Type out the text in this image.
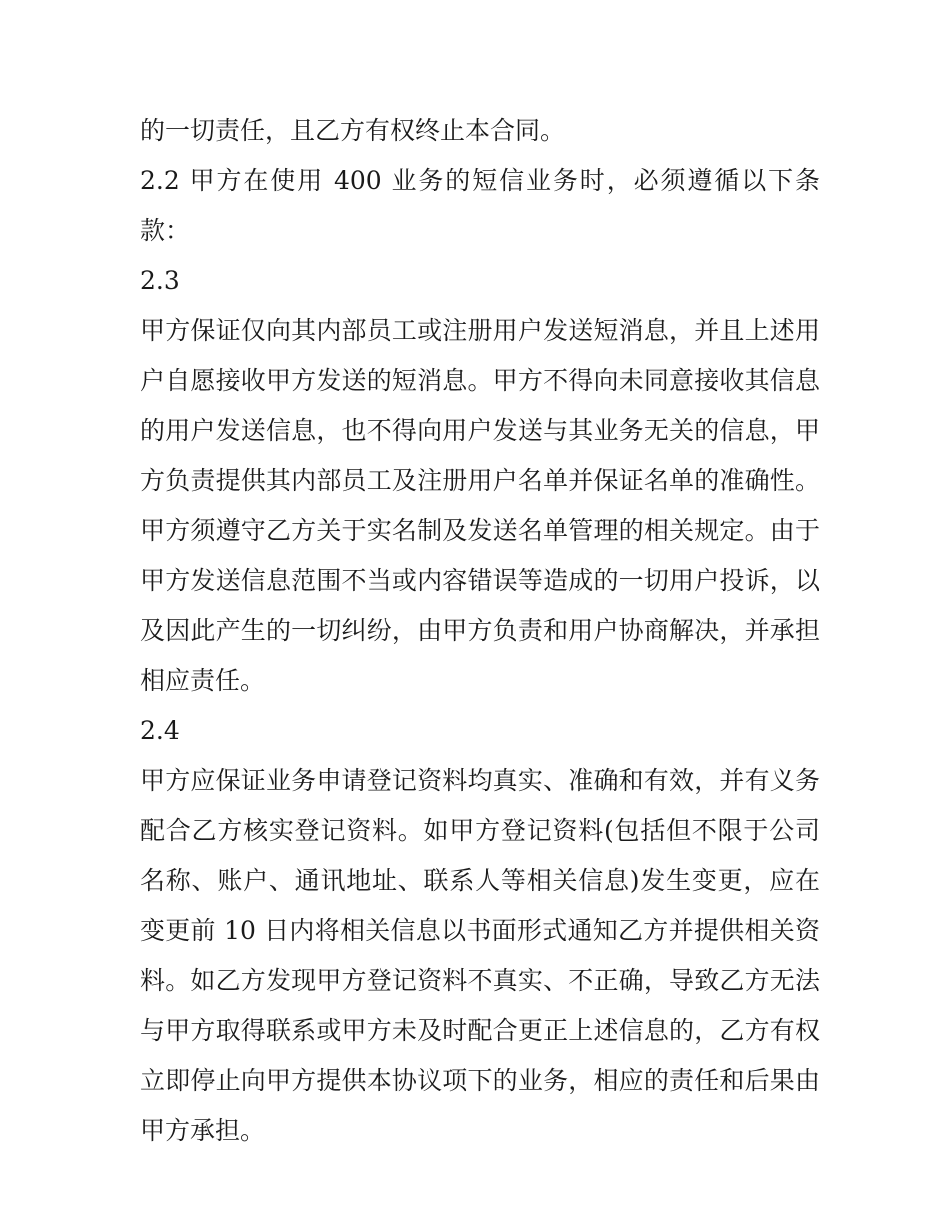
的一切责任，且乙方有权终止本合同。

2.2 甲方在使用 400 业务的短信业务时，必须遵循以下条款：

2.3

甲方保证仅向其内部员工或注册用户发送短消息，并且上述用户自愿接收甲方发送的短消息。甲方不得向未同意接收其信息的用户发送信息，也不得向用户发送与其业务无关的信息，甲方负责提供其内部员工及注册用户名单并保证名单的准确性。甲方须遵守乙方关于实名制及发送名单管理的相关规定。由于甲方发送信息范围不当或内容错误等造成的一切用户投诉，以及因此产生的一切纠纷，由甲方负责和用户协商解决，并承担相应责任。

2.4

甲方应保证业务申请登记资料均真实、准确和有效，并有义务配合乙方核实登记资料。如甲方登记资料(包括但不限于公司名称、账户、通讯地址、联系人等相关信息)发生变更，应在变更前 10 日内将相关信息以书面形式通知乙方并提供相关资料。如乙方发现甲方登记资料不真实、不正确，导致乙方无法与甲方取得联系或甲方未及时配合更正上述信息的，乙方有权立即停止向甲方提供本协议项下的业务，相应的责任和后果由甲方承担。
